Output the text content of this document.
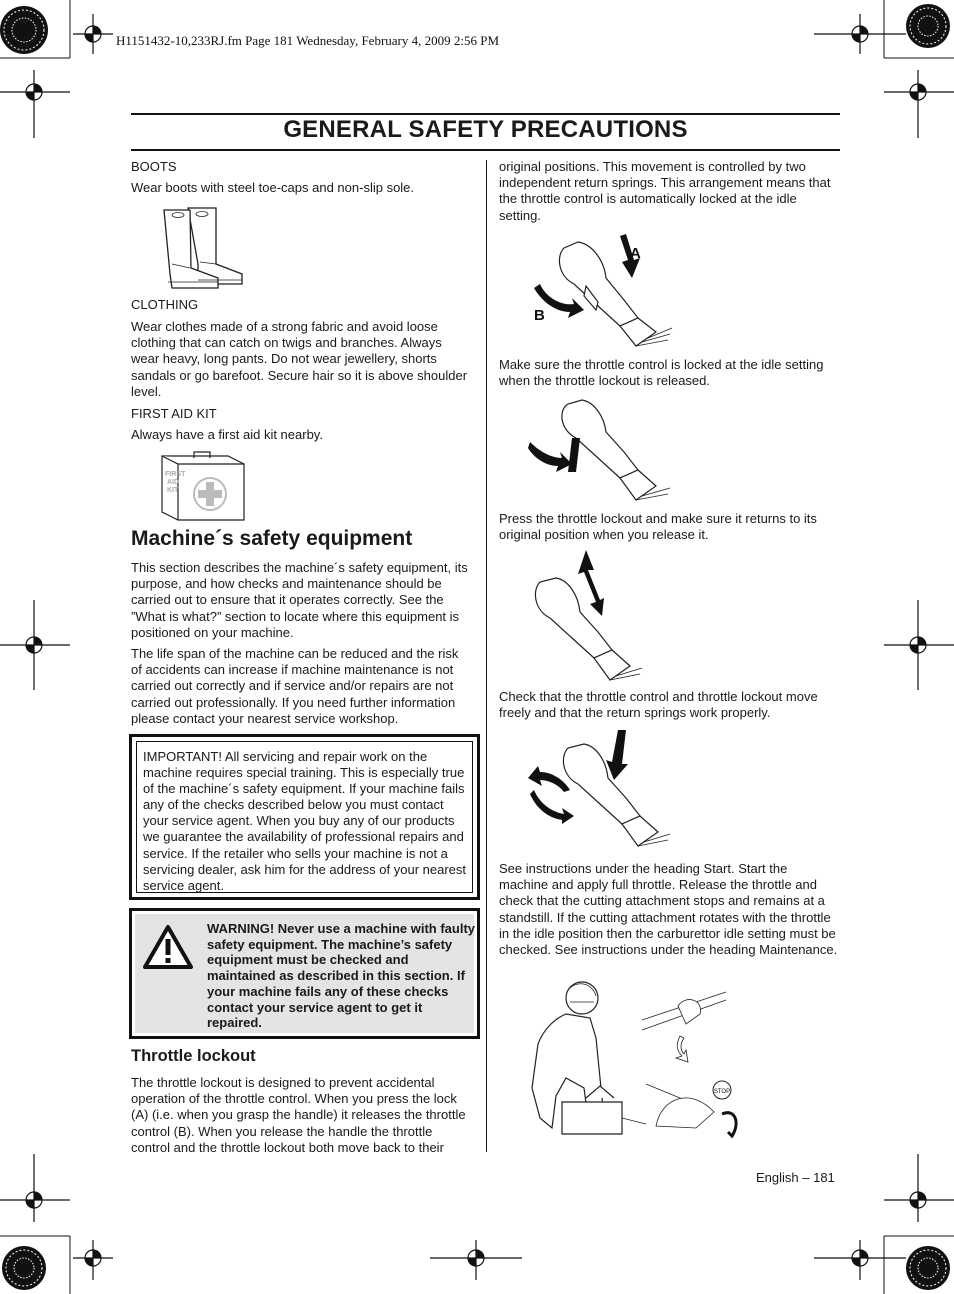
H1151432-10,233RJ.fm Page 181 Wednesday, February 4, 2009 2:56 PM
GENERAL SAFETY PRECAUTIONS
BOOTS
Wear boots with steel toe-caps and non-slip sole.
CLOTHING
Wear clothes made of a strong fabric and avoid loose clothing that can catch on twigs and branches. Always wear heavy, long pants. Do not wear jewellery, shorts sandals or go barefoot. Secure hair so it is above shoulder level.
FIRST AID KIT
Always have a first aid kit nearby.
FIRST
AID
KIT
Machine´s safety equipment
This section describes the machine´s safety equipment, its purpose, and how checks and maintenance should be carried out to ensure that it operates correctly. See the ”What is what?” section to locate where this equipment is positioned on your machine.
The life span of the machine can be reduced and the risk of accidents can increase if machine maintenance is not carried out correctly and if service and/or repairs are not carried out professionally. If you need further information please contact your nearest service workshop.
IMPORTANT! All servicing and repair work on the machine requires special training. This is especially true of the machine´s safety equipment. If your machine fails any of the checks described below you must contact your service agent. When you buy any of our products we guarantee the availability of professional repairs and service. If the retailer who sells your machine is not a servicing dealer, ask him for the address of your nearest service agent.
WARNING! Never use a machine with faulty safety equipment. The machine’s safety equipment must be checked and maintained as described in this section. If your machine fails any of these checks contact your service agent to get it repaired.
Throttle lockout
The throttle lockout is designed to prevent accidental operation of the throttle control. When you press the lock (A) (i.e. when you grasp the handle) it releases the throttle control (B). When you release the handle the throttle control and the throttle lockout both move back to their
original positions. This movement is controlled by two independent return springs. This arrangement means that the throttle control is automatically locked at the idle setting.
A
B
Make sure the throttle control is locked at the idle setting when the throttle lockout is released.
Press the throttle lockout and make sure it returns to its original position when you release it.
Check that the throttle control and throttle lockout move freely and that the return springs work properly.
See instructions under the heading Start. Start the machine and apply full throttle. Release the throttle and check that the cutting attachment stops and remains at a standstill. If the cutting attachment rotates with the throttle in the idle position then the carburettor idle setting must be checked. See instructions under the heading Maintenance.
STOP
English – 181
